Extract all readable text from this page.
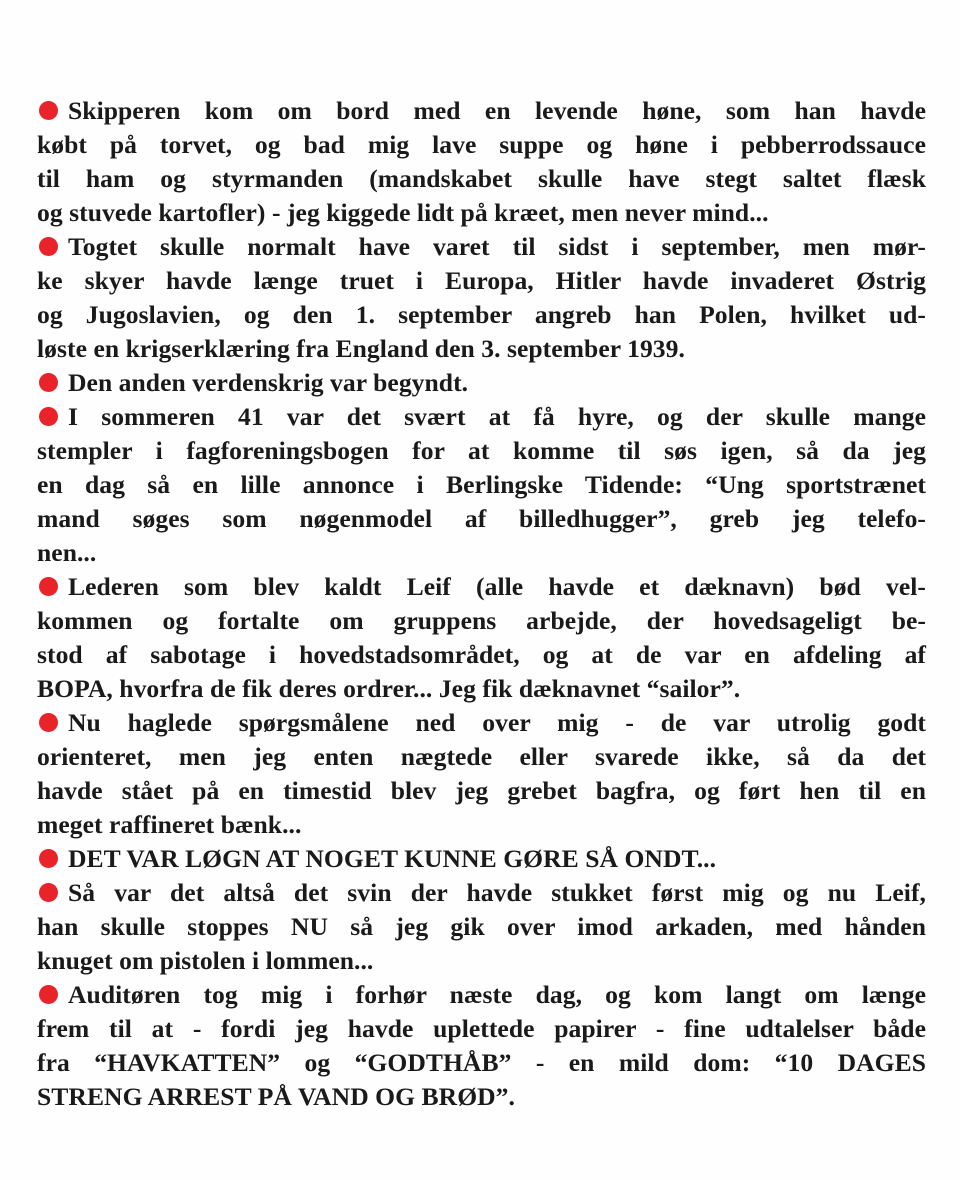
Skipperen kom om bord med en levende høne, som han havde
købt på torvet, og bad mig lave suppe og høne i pebberrodssauce
til ham og styrmanden (mandskabet skulle have stegt saltet flæsk
og stuvede kartofler) - jeg kiggede lidt på kræet, men never mind...
Togtet skulle normalt have varet til sidst i september, men mør-
ke skyer havde længe truet i Europa, Hitler havde invaderet Østrig
og Jugoslavien, og den 1. september angreb han Polen, hvilket ud-
løste en krigserklæring fra England den 3. september 1939.
Den anden verdenskrig var begyndt.
I sommeren 41 var det svært at få hyre, og der skulle mange
stempler i fagforeningsbogen for at komme til søs igen, så da jeg
en dag så en lille annonce i Berlingske Tidende: “Ung sportstrænet
mand søges som nøgenmodel af billedhugger”, greb jeg telefo-
nen...
Lederen som blev kaldt Leif (alle havde et dæknavn) bød vel-
kommen og fortalte om gruppens arbejde, der hovedsageligt be-
stod af sabotage i hovedstadsområdet, og at de var en afdeling af
BOPA, hvorfra de fik deres ordrer... Jeg fik dæknavnet “sailor”.
Nu haglede spørgsmålene ned over mig - de var utrolig godt
orienteret, men jeg enten nægtede eller svarede ikke, så da det
havde stået på en timestid blev jeg grebet bagfra, og ført hen til en
meget raffineret bænk...
DET VAR LØGN AT NOGET KUNNE GØRE SÅ ONDT...
Så var det altså det svin der havde stukket først mig og nu Leif,
han skulle stoppes NU så jeg gik over imod arkaden, med hånden
knuget om pistolen i lommen...
Auditøren tog mig i forhør næste dag, og kom langt om længe
frem til at - fordi jeg havde uplettede papirer - fine udtalelser både
fra “HAVKATTEN” og “GODTHÅB” - en mild dom: “10 DAGES
STRENG ARREST PÅ VAND OG BRØD”.
